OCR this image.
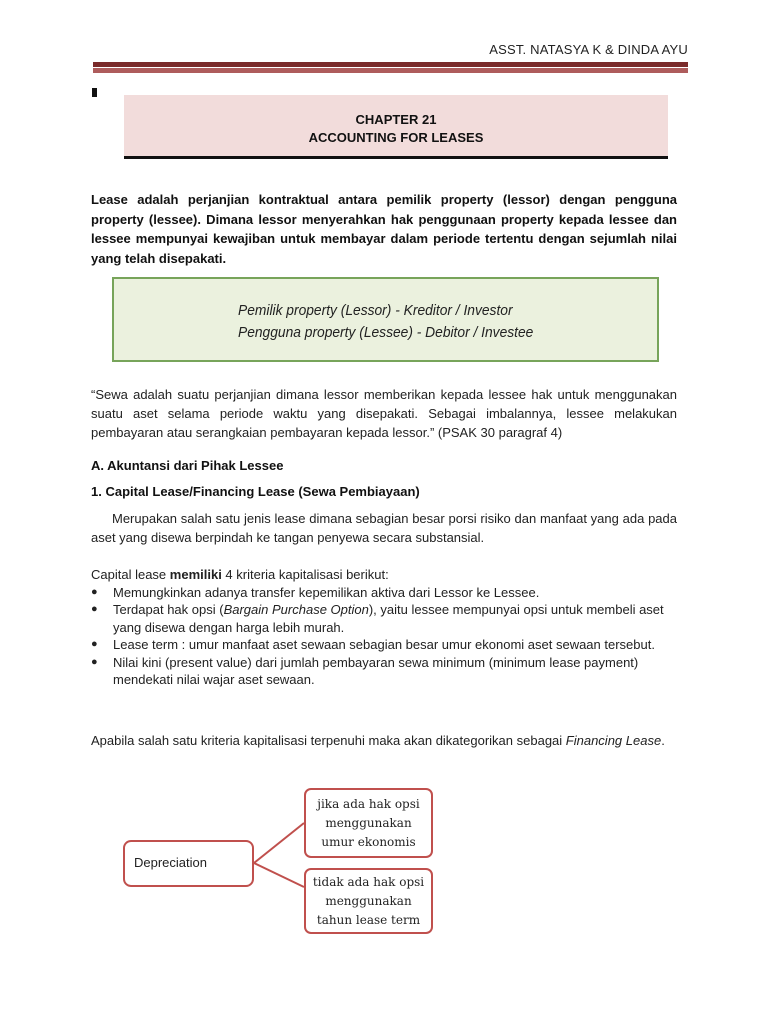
ASST. NATASYA K & DINDA AYU
CHAPTER 21
ACCOUNTING FOR LEASES
Lease adalah perjanjian kontraktual antara pemilik property (lessor) dengan pengguna property (lessee). Dimana lessor menyerahkan hak penggunaan property kepada lessee dan lessee mempunyai kewajiban untuk membayar dalam periode tertentu dengan sejumlah nilai yang telah disepakati.
Pemilik property (Lessor) - Kreditor / Investor
Pengguna property (Lessee) - Debitor / Investee
“Sewa adalah suatu perjanjian dimana lessor memberikan kepada lessee hak untuk menggunakan suatu aset selama periode waktu yang disepakati. Sebagai imbalannya, lessee melakukan pembayaran atau serangkaian pembayaran kepada lessor.” (PSAK 30 paragraf 4)
A. Akuntansi dari Pihak Lessee
1. Capital Lease/Financing Lease (Sewa Pembiayaan)
Merupakan salah satu jenis lease dimana sebagian besar porsi risiko dan manfaat yang ada pada aset yang disewa berpindah ke tangan penyewa secara substansial.
Capital lease memiliki 4 kriteria kapitalisasi berikut:
● Memungkinkan adanya transfer kepemilikan aktiva dari Lessor ke Lessee.
● Terdapat hak opsi (Bargain Purchase Option), yaitu lessee mempunyai opsi untuk membeli aset yang disewa dengan harga lebih murah.
● Lease term : umur manfaat aset sewaan sebagian besar umur ekonomi aset sewaan tersebut.
● Nilai kini (present value) dari jumlah pembayaran sewa minimum (minimum lease payment) mendekati nilai wajar aset sewaan.
Apabila salah satu kriteria kapitalisasi terpenuhi maka akan dikategorikan sebagai Financing Lease.
Depreciation
jika ada hak opsi
menggunakan
umur ekonomis
tidak ada hak opsi
menggunakan
tahun lease term
